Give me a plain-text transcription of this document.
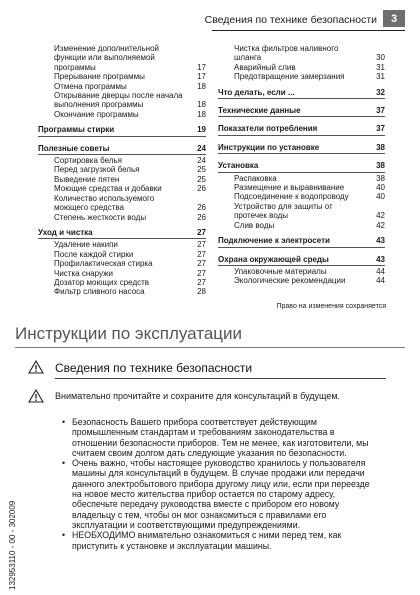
Сведения по технике безопасности	3
Изменение дополнительной функции или выполняемой программы	17
Прерывание программы	17
Отмена программы	18
Открывание дверцы после начала выполнения программы	18
Окончание программы	18
Программы стирки	19
Полезные советы	24
Сортировка белья	24
Перед загрузкой белья	25
Выведение пятен	25
Моющие средства и добавки	26
Количество используемого моющего средства	26
Степень жесткости воды	26
Уход и чистка	27
Удаление накипи	27
После каждой стирки	27
Профилактическая стирка	27
Чистка снаружи	27
Дозатор моющих средств	27
Фильтр сливного насоса	28
Чистка фильтров наливного шланга	30
Аварийный слив	31
Предотвращение замерзания	31
Что делать, если ...	32
Технические данные	37
Показатели потребления	37
Инструкции по установке	38
Установка	38
Распаковка	38
Размещение и выравнивание	40
Подсоединение к водопроводу	40
Устройство для защиты от протечек воды	42
Слив воды	42
Подключение к электросети	43
Охрана окружающей среды	43
Упаковочные материалы	44
Экологические рекомендации	44
Право на изменения сохраняется
Инструкции по эксплуатации
Сведения по технике безопасности
Внимательно прочитайте и сохраните для консультаций в будущем.
• Безопасность Вашего прибора соответствует действующим промышленным стандартам и требованиям законодательства в отношении безопасности приборов. Тем не менее, как изготовители, мы считаем своим долгом дать следующие указания по безопасности.
• Очень важно, чтобы настоящее руководство хранилось у пользователя машины для консультаций в будущем. В случае продажи или передачи данного электробытового прибора другому лицу или, если при переезде на новое место жительства прибор остается по старому адресу, обеспечьте передачу руководства вместе с прибором его новому владельцу с тем, чтобы он мог ознакомиться с правилами его эксплуатации и соответствующими предупреждениями.
• НЕОБХОДИМО внимательно ознакомиться с ними перед тем, как приступить к установке и эксплуатации машины.
132953110 - 00 - 302009
